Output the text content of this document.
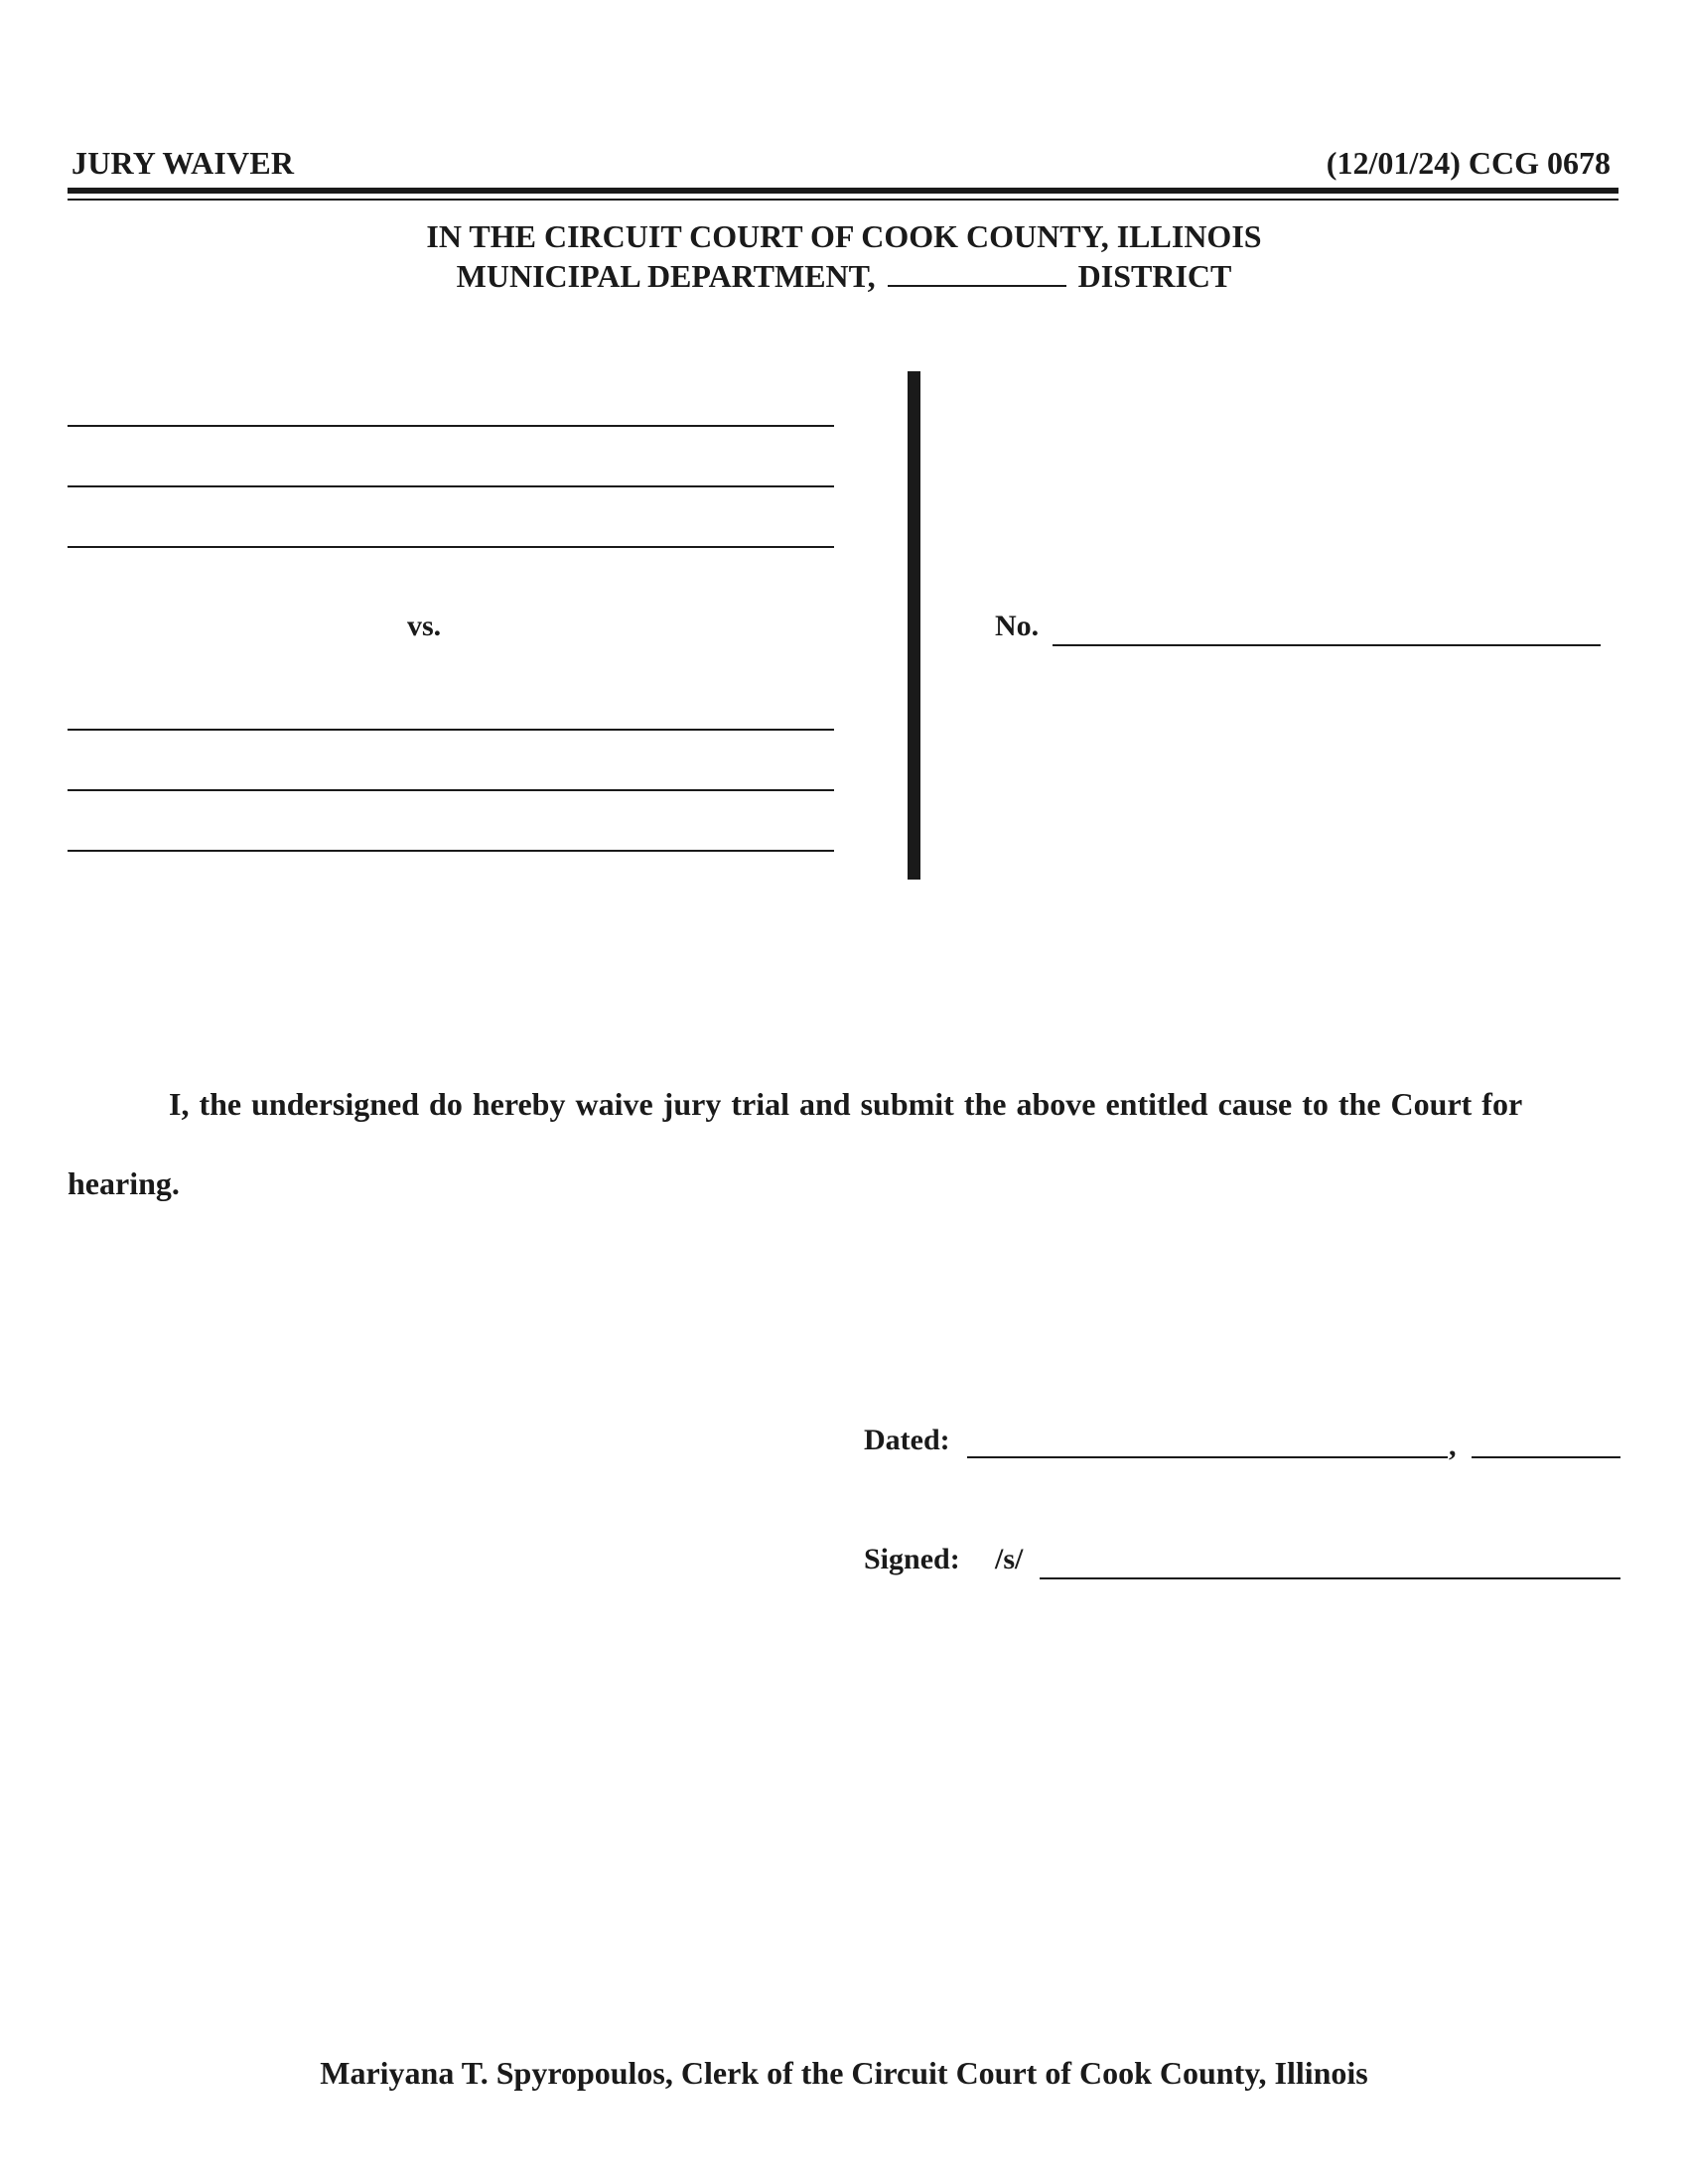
JURY WAIVER	(12/01/24) CCG 0678
IN THE CIRCUIT COURT OF COOK COUNTY, ILLINOIS
MUNICIPAL DEPARTMENT,	DISTRICT
vs.	No.
I, the undersigned do hereby waive jury trial and submit the above entitled cause to the Court for hearing.
Dated:	,
Signed: /s/
Mariyana T. Spyropoulos, Clerk of the Circuit Court of Cook County, Illinois
